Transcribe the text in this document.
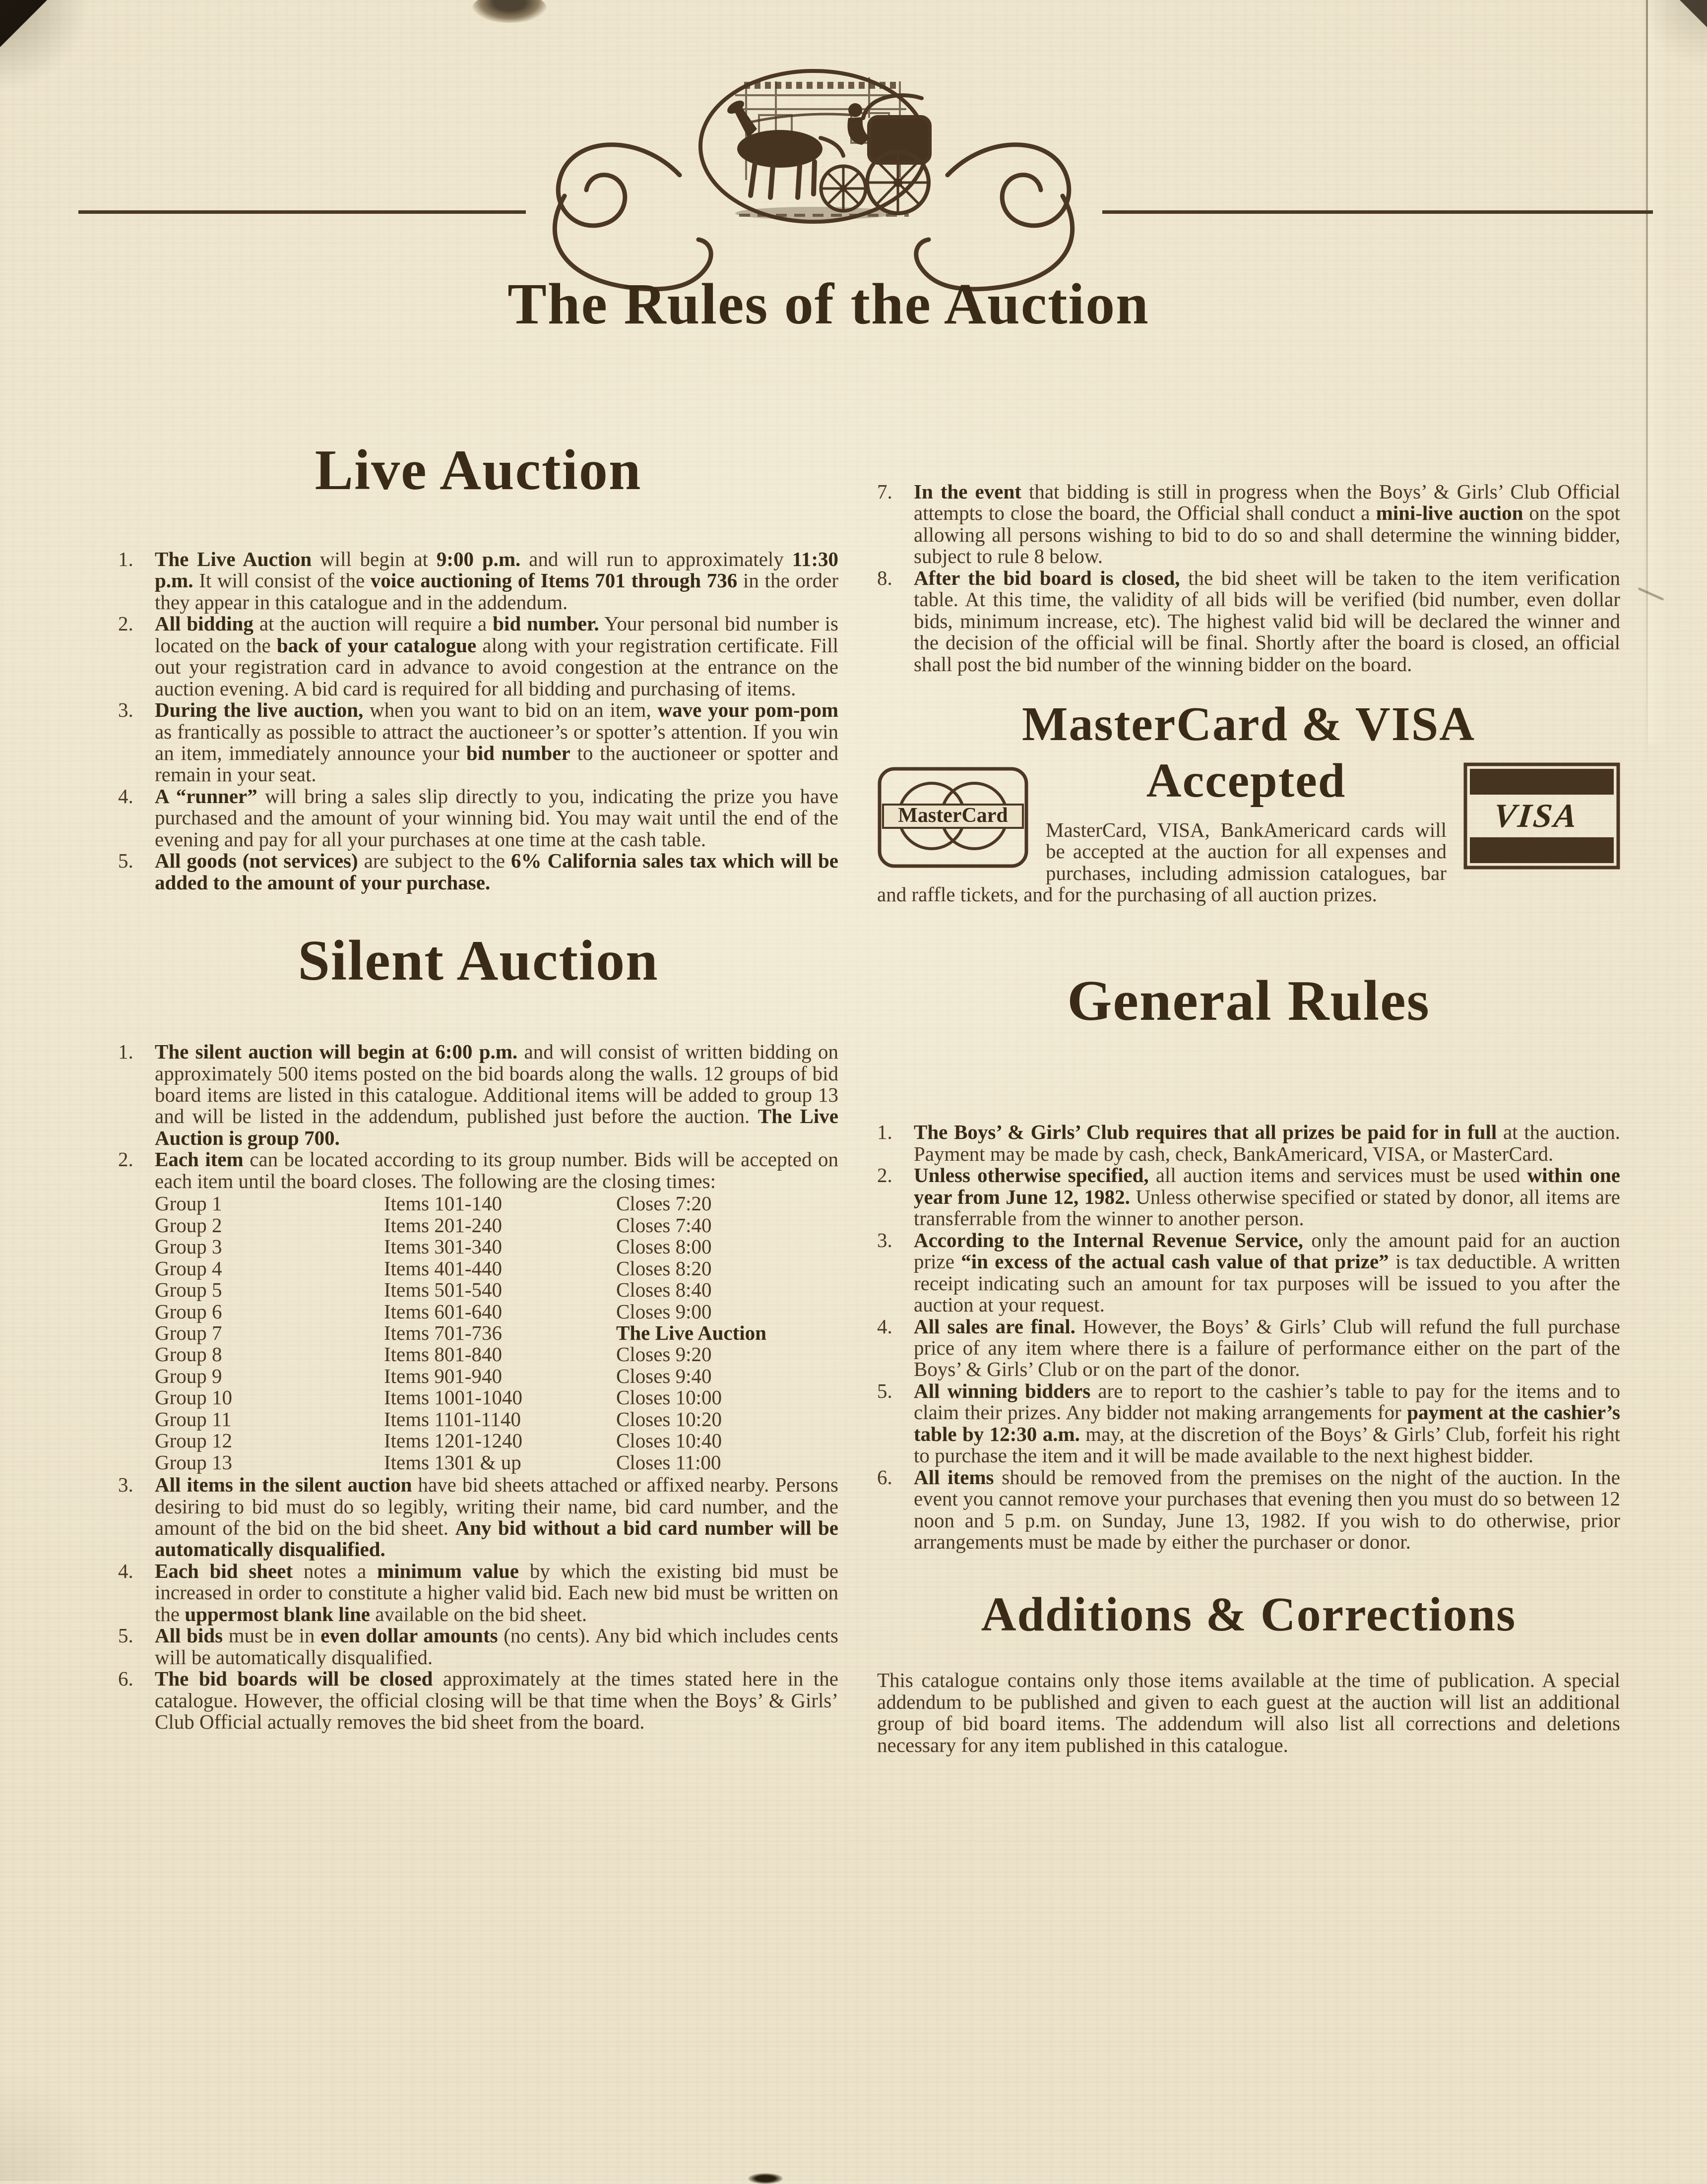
The Rules of the Auction
Live Auction
The Live Auction will begin at 9:00 p.m. and will run to approximately 11:30 p.m. It will consist of the voice auctioning of Items 701 through 736 in the order they appear in this catalogue and in the addendum.
All bidding at the auction will require a bid number. Your personal bid number is located on the back of your catalogue along with your registration certificate. Fill out your registration card in advance to avoid congestion at the entrance on the auction evening. A bid card is required for all bidding and purchasing of items.
During the live auction, when you want to bid on an item, wave your pom-pom as frantically as possible to attract the auctioneer’s or spotter’s attention. If you win an item, immediately announce your bid number to the auctioneer or spotter and remain in your seat.
A “runner” will bring a sales slip directly to you, indicating the prize you have purchased and the amount of your winning bid. You may wait until the end of the evening and pay for all your purchases at one time at the cash table.
All goods (not services) are subject to the 6% California sales tax which will be added to the amount of your purchase.
Silent Auction
The silent auction will begin at 6:00 p.m. and will consist of written bidding on approximately 500 items posted on the bid boards along the walls. 12 groups of bid board items are listed in this catalogue. Additional items will be added to group 13 and will be listed in the addendum, published just before the auction. The Live Auction is group 700.
Each item can be located according to its group number. Bids will be accepted on each item until the board closes. The following are the closing times:
Group 1	Items 101-140	Closes 7:20
Group 2	Items 201-240	Closes 7:40
Group 3	Items 301-340	Closes 8:00
Group 4	Items 401-440	Closes 8:20
Group 5	Items 501-540	Closes 8:40
Group 6	Items 601-640	Closes 9:00
Group 7	Items 701-736	The Live Auction
Group 8	Items 801-840	Closes 9:20
Group 9	Items 901-940	Closes 9:40
Group 10	Items 1001-1040	Closes 10:00
Group 11	Items 1101-1140	Closes 10:20
Group 12	Items 1201-1240	Closes 10:40
Group 13	Items 1301 & up	Closes 11:00
All items in the silent auction have bid sheets attached or affixed nearby. Persons desiring to bid must do so legibly, writing their name, bid card number, and the amount of the bid on the bid sheet. Any bid without a bid card number will be automatically disqualified.
Each bid sheet notes a minimum value by which the existing bid must be increased in order to constitute a higher valid bid. Each new bid must be written on the uppermost blank line available on the bid sheet.
All bids must be in even dollar amounts (no cents). Any bid which includes cents will be automatically disqualified.
The bid boards will be closed approximately at the times stated here in the catalogue. However, the official closing will be that time when the Boys’ & Girls’ Club Official actually removes the bid sheet from the board.
In the event that bidding is still in progress when the Boys’ & Girls’ Club Official attempts to close the board, the Official shall conduct a mini-live auction on the spot allowing all persons wishing to bid to do so and shall determine the winning bidder, subject to rule 8 below.
After the bid board is closed, the bid sheet will be taken to the item verification table. At this time, the validity of all bids will be verified (bid number, even dollar bids, minimum increase, etc). The highest valid bid will be declared the winner and the decision of the official will be final. Shortly after the board is closed, an official shall post the bid number of the winning bidder on the board.
MasterCard & VISA
MasterCard	VISA
Accepted

MasterCard, VISA, BankAmericard cards will be accepted at the auction for all expenses and purchases, including admission catalogues, bar and raffle tickets, and for the purchasing of all auction prizes.

General Rules
The Boys’ & Girls’ Club requires that all prizes be paid for in full at the auction. Payment may be made by cash, check, BankAmericard, VISA, or MasterCard.
Unless otherwise specified, all auction items and services must be used within one year from June 12, 1982. Unless otherwise specified or stated by donor, all items are transferrable from the winner to another person.
According to the Internal Revenue Service, only the amount paid for an auction prize “in excess of the actual cash value of that prize” is tax deductible. A written receipt indicating such an amount for tax purposes will be issued to you after the auction at your request.
All sales are final. However, the Boys’ & Girls’ Club will refund the full purchase price of any item where there is a failure of performance either on the part of the Boys’ & Girls’ Club or on the part of the donor.
All winning bidders are to report to the cashier’s table to pay for the items and to claim their prizes. Any bidder not making arrangements for payment at the cashier’s table by 12:30 a.m. may, at the discretion of the Boys’ & Girls’ Club, forfeit his right to purchase the item and it will be made available to the next highest bidder.
All items should be removed from the premises on the night of the auction. In the event you cannot remove your purchases that evening then you must do so between 12 noon and 5 p.m. on Sunday, June 13, 1982. If you wish to do otherwise, prior arrangements must be made by either the purchaser or donor.
Additions & Corrections

This catalogue contains only those items available at the time of publication. A special addendum to be published and given to each guest at the auction will list an additional group of bid board items. The addendum will also list all corrections and deletions necessary for any item published in this catalogue.
